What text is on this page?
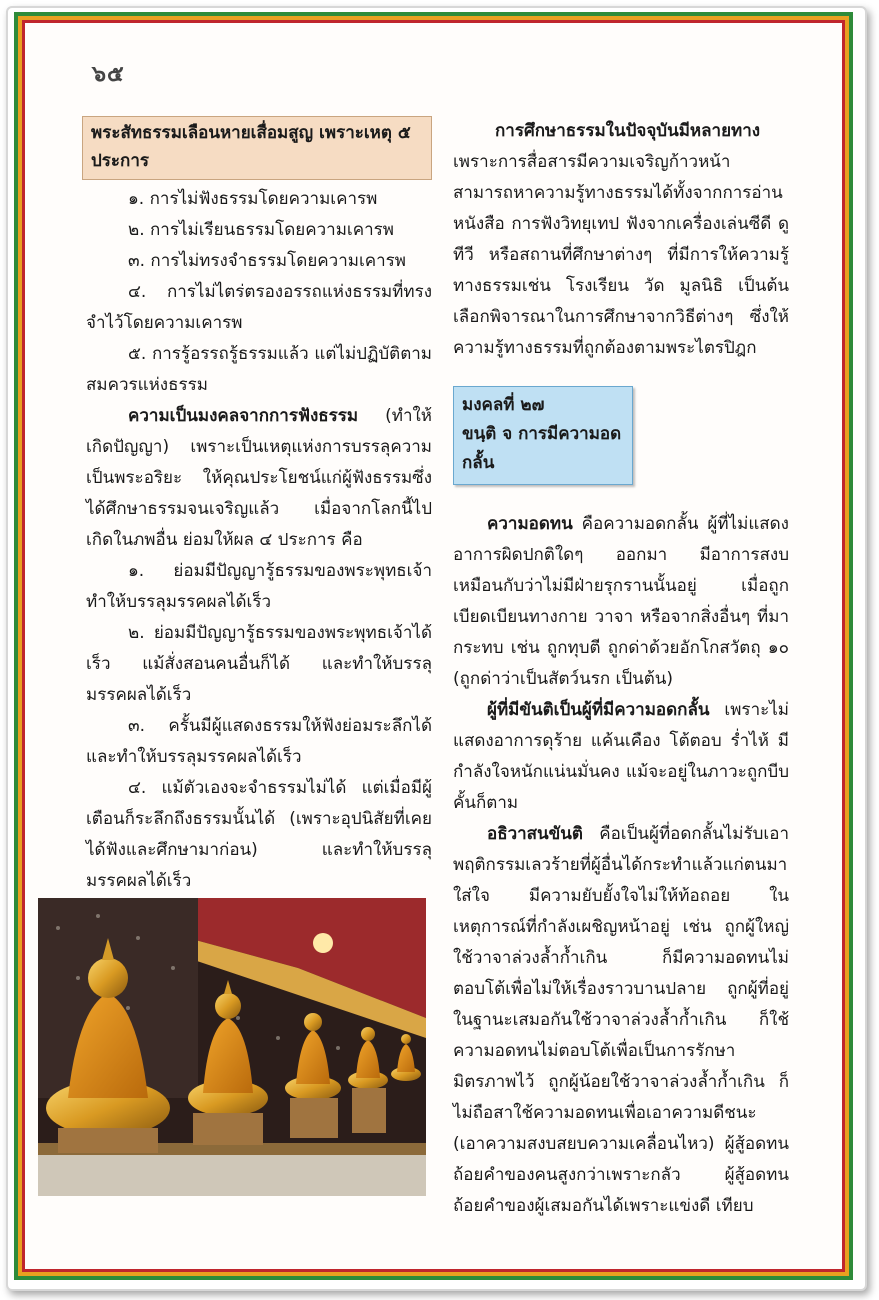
๖๕
พระสัทธรรมเลือนหายเสื่อมสูญ เพราะเหตุ ๕ ประการ

๑. การไม่ฟังธรรมโดยความเคารพ

๒. การไม่เรียนธรรมโดยความเคารพ

๓. การไม่ทรงจำธรรมโดยความเคารพ

๔. การไม่ไตร่ตรองอรรถแห่งธรรมที่ทรงจำไว้โดยความเคารพ

๕. การรู้อรรถรู้ธรรมแล้ว แต่ไม่ปฏิบัติตามสมควรแห่งธรรม

ความเป็นมงคลจากการฟังธรรม (ทำให้เกิดปัญญา) เพราะเป็นเหตุแห่งการบรรลุความเป็นพระอริยะ ให้คุณประโยชน์แก่ผู้ฟังธรรมซึ่งได้ศึกษาธรรมจนเจริญแล้ว เมื่อจากโลกนี้ไป เกิดในภพอื่น ย่อมให้ผล ๔ ประการ คือ

๑. ย่อมมีปัญญารู้ธรรมของพระพุทธเจ้าทำให้บรรลุมรรคผลได้เร็ว

๒. ย่อมมีปัญญารู้ธรรมของพระพุทธเจ้าได้เร็ว แม้สั่งสอนคนอื่นก็ได้ และทำให้บรรลุมรรคผลได้เร็ว

๓. ครั้นมีผู้แสดงธรรมให้ฟังย่อมระลึกได้และทำให้บรรลุมรรคผลได้เร็ว

๔. แม้ตัวเองจะจำธรรมไม่ได้ แต่เมื่อมีผู้เตือนก็ระลึกถึงธรรมนั้นได้ (เพราะอุปนิสัยที่เคยได้ฟังและศึกษามาก่อน) และทำให้บรรลุมรรคผลได้เร็ว

การศึกษาธรรมในปัจจุบันมีหลายทาง เพราะการสื่อสารมีความเจริญก้าวหน้าสามารถหาความรู้ทางธรรมได้ทั้งจากการอ่านหนังสือ การฟังวิทยุเทป ฟังจากเครื่องเล่นซีดี ดูทีวี หรือสถานที่ศึกษาต่างๆ ที่มีการให้ความรู้ทางธรรมเช่น โรงเรียน วัด มูลนิธิ เป็นต้น เลือกพิจารณาในการศึกษาจากวิธีต่างๆ ซึ่งให้ความรู้ทางธรรมที่ถูกต้องตามพระไตรปิฎก

มงคลที่ ๒๗
ขนฺติ จ การมีความอดกลั้น

ความอดทน คือความอดกลั้น ผู้ที่ไม่แสดงอาการผิดปกติใดๆ ออกมา มีอาการสงบ เหมือนกับว่าไม่มีฝ่ายรุกรานนั้นอยู่ เมื่อถูกเบียดเบียนทางกาย วาจา หรือจากสิ่งอื่นๆ ที่มากระทบ เช่น ถูกทุบตี ถูกด่าด้วยอักโกสวัตถุ ๑๐ (ถูกด่าว่าเป็นสัตว์นรก เป็นต้น)

ผู้ที่มีขันติเป็นผู้ที่มีความอดกลั้น เพราะไม่แสดงอาการดุร้าย แค้นเคือง โต้ตอบ ร่ำไห้ มีกำลังใจหนักแน่นมั่นคง แม้จะอยู่ในภาวะถูกบีบคั้นก็ตาม

อธิวาสนขันติ คือเป็นผู้ที่อดกลั้นไม่รับเอาพฤติกรรมเลวร้ายที่ผู้อื่นได้กระทำแล้วแก่ตนมาใส่ใจ มีความยับยั้งใจไม่ให้ท้อถอย ในเหตุการณ์ที่กำลังเผชิญหน้าอยู่ เช่น ถูกผู้ใหญ่ใช้วาจาล่วงล้ำก้ำเกิน ก็มีความอดทนไม่ตอบโต้เพื่อไม่ให้เรื่องราวบานปลาย ถูกผู้ที่อยู่ในฐานะเสมอกันใช้วาจาล่วงล้ำก้ำเกิน ก็ใช้ความอดทนไม่ตอบโต้เพื่อเป็นการรักษามิตรภาพไว้ ถูกผู้น้อยใช้วาจาล่วงล้ำก้ำเกิน ก็ไม่ถือสาใช้ความอดทนเพื่อเอาความดีชนะ (เอาความสงบสยบความเคลื่อนไหว) ผู้สู้อดทนถ้อยคำของคนสูงกว่าเพราะกลัว ผู้สู้อดทนถ้อยคำของผู้เสมอกันได้เพราะแข่งดี เทียบ
